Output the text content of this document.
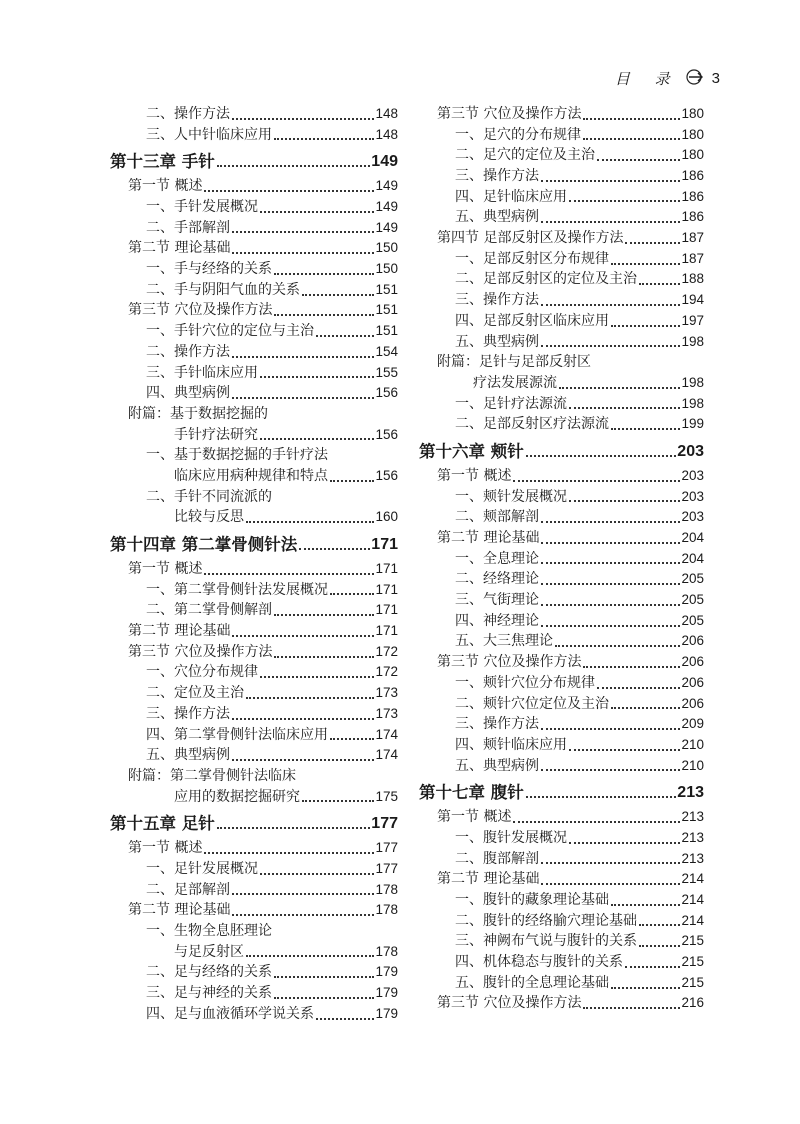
目 录 3
二、操作方法	148
三、人中针临床应用	148
第十三章 手针	149
第一节 概述	149
一、手针发展概况	149
二、手部解剖	149
第二节 理论基础	150
一、手与经络的关系	150
二、手与阴阳气血的关系	151
第三节 穴位及操作方法	151
一、手针穴位的定位与主治	151
二、操作方法	154
三、手针临床应用	155
四、典型病例	156
附篇：基于数据挖掘的
手针疗法研究	156
一、基于数据挖掘的手针疗法
临床应用病种规律和特点	156
二、手针不同流派的
比较与反思	160
第十四章 第二掌骨侧针法	171
第一节 概述	171
一、第二掌骨侧针法发展概况	171
二、第二掌骨侧解剖	171
第二节 理论基础	171
第三节 穴位及操作方法	172
一、穴位分布规律	172
二、定位及主治	173
三、操作方法	173
四、第二掌骨侧针法临床应用	174
五、典型病例	174
附篇：第二掌骨侧针法临床
应用的数据挖掘研究	175
第十五章 足针	177
第一节 概述	177
一、足针发展概况	177
二、足部解剖	178
第二节 理论基础	178
一、生物全息胚理论
与足反射区	178
二、足与经络的关系	179
三、足与神经的关系	179
四、足与血液循环学说关系	179
第三节 穴位及操作方法	180
一、足穴的分布规律	180
二、足穴的定位及主治	180
三、操作方法	186
四、足针临床应用	186
五、典型病例	186
第四节 足部反射区及操作方法	187
一、足部反射区分布规律	187
二、足部反射区的定位及主治	188
三、操作方法	194
四、足部反射区临床应用	197
五、典型病例	198
附篇：足针与足部反射区
疗法发展源流	198
一、足针疗法源流	198
二、足部反射区疗法源流	199
第十六章 颊针	203
第一节 概述	203
一、颊针发展概况	203
二、颊部解剖	203
第二节 理论基础	204
一、全息理论	204
二、经络理论	205
三、气街理论	205
四、神经理论	205
五、大三焦理论	206
第三节 穴位及操作方法	206
一、颊针穴位分布规律	206
二、颊针穴位定位及主治	206
三、操作方法	209
四、颊针临床应用	210
五、典型病例	210
第十七章 腹针	213
第一节 概述	213
一、腹针发展概况	213
二、腹部解剖	213
第二节 理论基础	214
一、腹针的藏象理论基础	214
二、腹针的经络腧穴理论基础	214
三、神阙布气说与腹针的关系	215
四、机体稳态与腹针的关系	215
五、腹针的全息理论基础	215
第三节 穴位及操作方法	216
